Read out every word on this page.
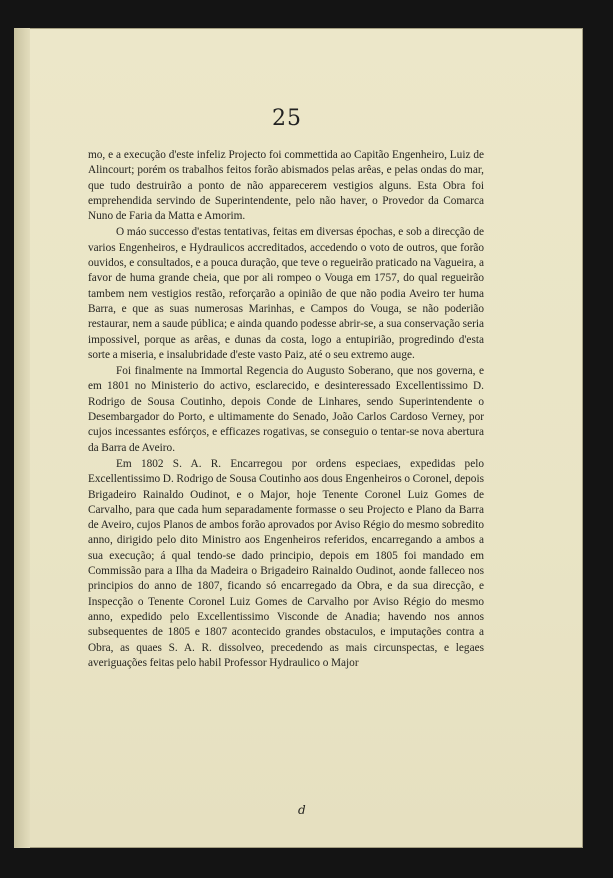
25

mo, e a execução d'este infeliz Projecto foi commettida ao Capitão Engenheiro, Luiz de Alincourt; porém os trabalhos feitos forão abismados pelas arêas, e pelas ondas do mar, que tudo destruirão a ponto de não apparecerem vestigios alguns. Esta Obra foi emprehendida servindo de Superintendente, pelo não haver, o Provedor da Comarca Nuno de Faria da Matta e Amorim.

O máo successo d'estas tentativas, feitas em diversas épochas, e sob a direcção de varios Engenheiros, e Hydraulicos accreditados, accedendo o voto de outros, que forão ouvidos, e consultados, e a pouca duração, que teve o regueirão praticado na Vagueira, a favor de huma grande cheia, que por ali rompeo o Vouga em 1757, do qual regueirão tambem nem vestigios restão, reforçarão a opinião de que não podia Aveiro ter huma Barra, e que as suas numerosas Marinhas, e Campos do Vouga, se não poderião restaurar, nem a saude pública; e ainda quando podesse abrir-se, a sua conservação seria impossivel, porque as arêas, e dunas da costa, logo a entupirião, progredindo d'esta sorte a miseria, e insalubridade d'este vasto Paiz, até o seu extremo auge.

Foi finalmente na Immortal Regencia do Augusto Soberano, que nos governa, e em 1801 no Ministerio do activo, esclarecido, e desinteressado Excellentissimo D. Rodrigo de Sousa Coutinho, depois Conde de Linhares, sendo Superintendente o Desembargador do Porto, e ultimamente do Senado, João Carlos Cardoso Verney, por cujos incessantes esfórços, e efficazes rogativas, se conseguio o tentar-se nova abertura da Barra de Aveiro.

Em 1802 S. A. R. Encarregou por ordens especiaes, expedidas pelo Excellentissimo D. Rodrigo de Sousa Coutinho aos dous Engenheiros o Coronel, depois Brigadeiro Rainaldo Oudinot, e o Major, hoje Tenente Coronel Luiz Gomes de Carvalho, para que cada hum separadamente formasse o seu Projecto e Plano da Barra de Aveiro, cujos Planos de ambos forão aprovados por Aviso Régio do mesmo sobredito anno, dirigido pelo dito Ministro aos Engenheiros referidos, encarregando a ambos a sua execução; á qual tendo-se dado principio, depois em 1805 foi mandado em Commissão para a Ilha da Madeira o Brigadeiro Rainaldo Oudinot, aonde falleceo nos principios do anno de 1807, ficando só encarregado da Obra, e da sua direcção, e Inspecção o Tenente Coronel Luiz Gomes de Carvalho por Aviso Régio do mesmo anno, expedido pelo Excellentissimo Visconde de Anadia; havendo nos annos subsequentes de 1805 e 1807 acontecido grandes obstaculos, e imputações contra a Obra, as quaes S. A. R. dissolveo, precedendo as mais circunspectas, e legaes averiguações feitas pelo habil Professor Hydraulico o Major

d
